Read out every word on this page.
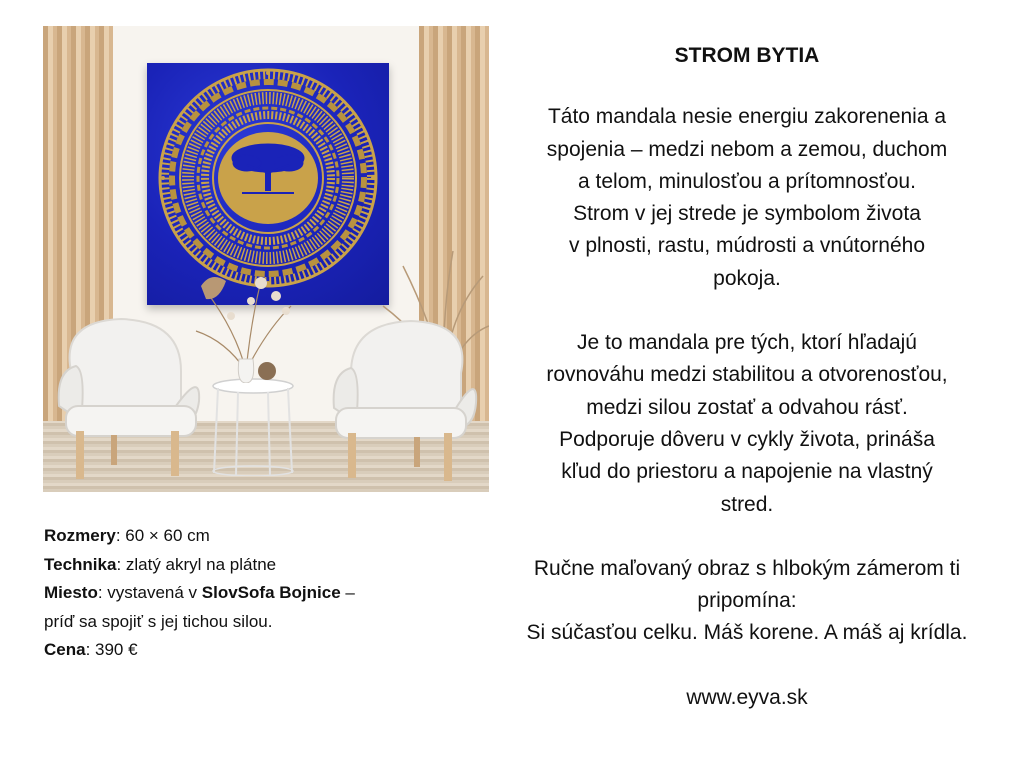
Rozmery: 60 × 60 cm
Technika: zlatý akryl na plátne
Miesto: vystavená v SlovSofa Bojnice –
príď sa spojiť s jej tichou silou.
Cena: 390 €
STROM BYTIA
Táto mandala nesie energiu zakorenenia a
spojenia – medzi nebom a zemou, duchom
a telom, minulosťou a prítomnosťou.
Strom v jej strede je symbolom života
v plnosti, rastu, múdrosti a vnútorného
pokoja.
Je to mandala pre tých, ktorí hľadajú
rovnováhu medzi stabilitou a otvorenosťou,
medzi silou zostať a odvahou rásť.
Podporuje dôveru v cykly života, prináša
kľud do priestoru a napojenie na vlastný
stred.
Ručne maľovaný obraz s hlbokým zámerom ti
pripomína:
Si súčasťou celku. Máš korene. A máš aj krídla.
www.eyva.sk
